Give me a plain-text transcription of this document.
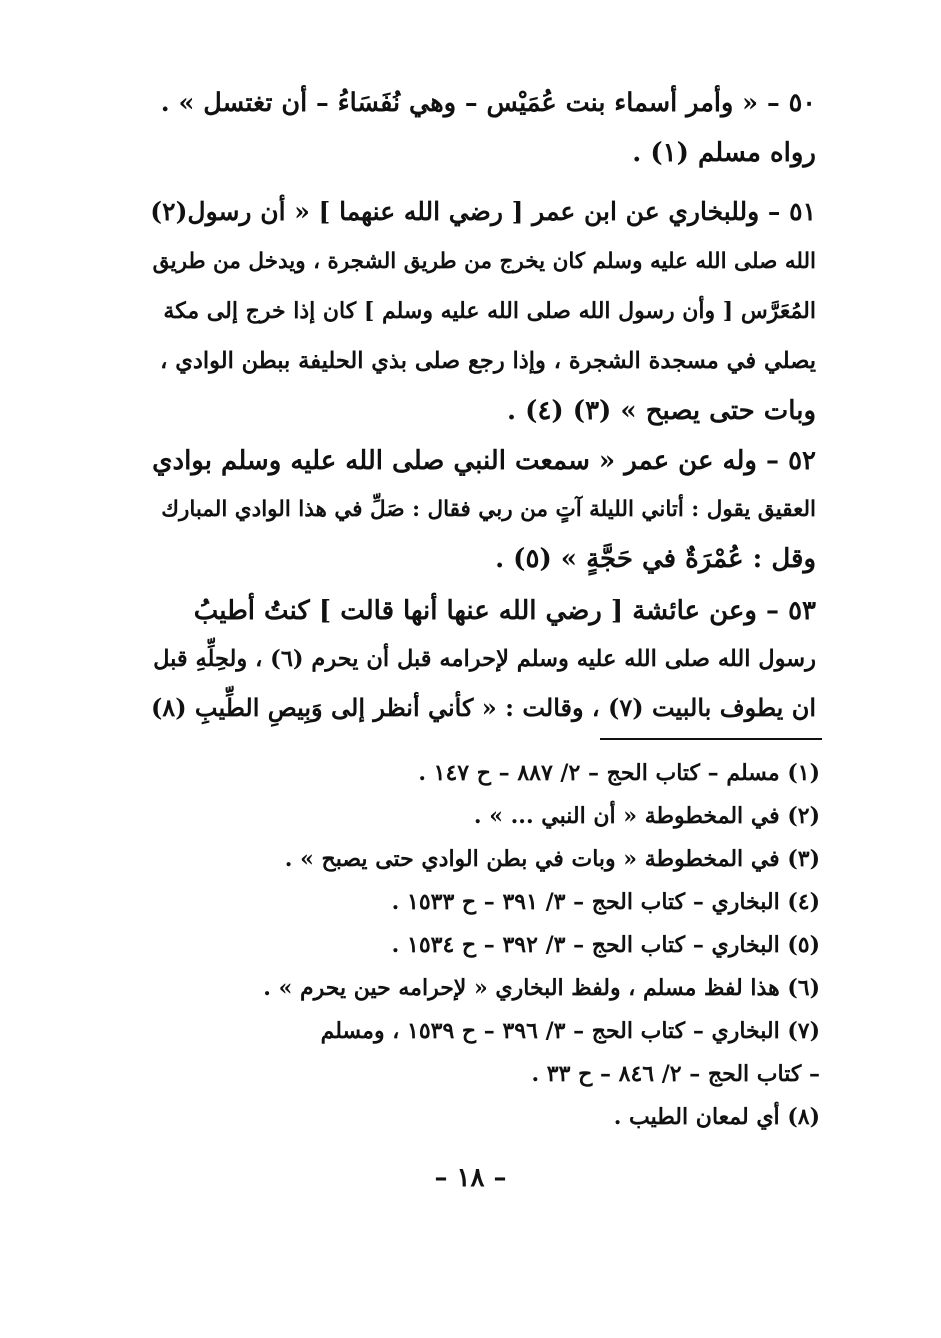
٥٠ – « وأمر أسماء بنت عُمَيْس – وهي نُفَسَاءُ – أن تغتسل » .
رواه مسلم (١) .
٥١ – وللبخاري عن ابن عمر [ رضي الله عنهما ] « أن رسول(٢)
الله صلى الله عليه وسلم كان يخرج من طريق الشجرة ، ويدخل من طريق
المُعَرَّس [ وأن رسول الله صلى الله عليه وسلم ] كان إذا خرج إلى مكة
يصلي في مسجدة الشجرة ، وإذا رجع صلى بذي الحليفة ببطن الوادي ،
وبات حتى يصبح » (٣) (٤) .
٥٢ – وله عن عمر « سمعت النبي صلى الله عليه وسلم بوادي
العقيق يقول : أتاني الليلة آتٍ من ربي فقال : صَلِّ في هذا الوادي المبارك
وقل : عُمْرَةٌ في حَجَّةٍ » (٥) .
٥٣ – وعن عائشة [ رضي الله عنها أنها قالت ] كنتُ أطيبُ
رسول الله صلى الله عليه وسلم لإحرامه قبل أن يحرم (٦) ، ولحِلِّهِ قبل
ان يطوف بالبيت (٧) ، وقالت : « كأني أنظر إلى وَبِيصِ الطِّيبِ (٨)
(١) مسلم – كتاب الحج – ٢/ ٨٨٧ – ح ١٤٧ .
(٢) في المخطوطة « أن النبي ... » .
(٣) في المخطوطة « وبات في بطن الوادي حتى يصبح » .
(٤) البخاري – كتاب الحج – ٣/ ٣٩١ – ح ١٥٣٣ .
(٥) البخاري – كتاب الحج – ٣/ ٣٩٢ – ح ١٥٣٤ .
(٦) هذا لفظ مسلم ، ولفظ البخاري « لإحرامه حين يحرم » .
(٧) البخاري – كتاب الحج – ٣/ ٣٩٦ – ح ١٥٣٩ ، ومسلم
– كتاب الحج – ٢/ ٨٤٦ – ح ٣٣ .
(٨) أي لمعان الطيب .
– ١٨ –
